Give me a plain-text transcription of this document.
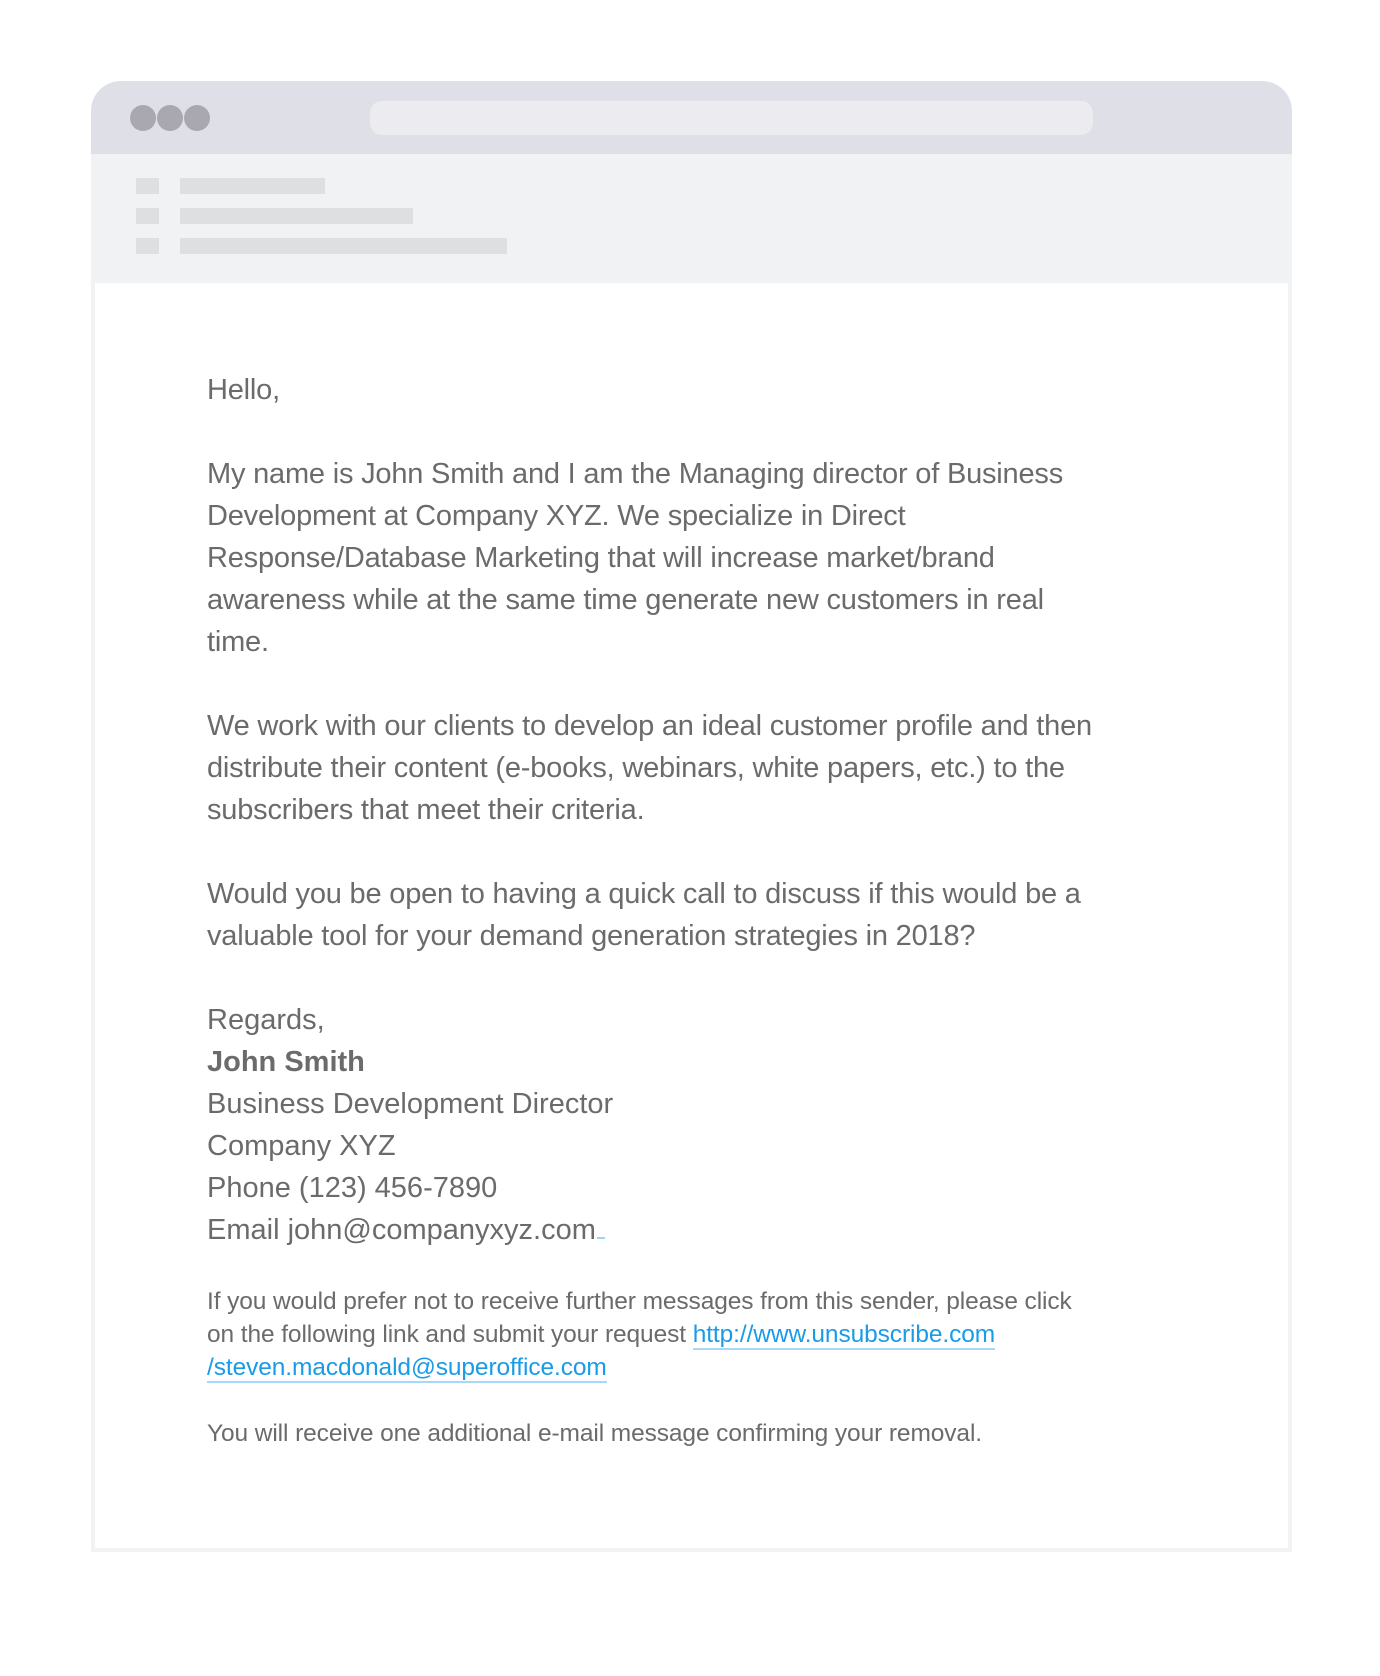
Hello,

My name is John Smith and I am the Managing director of Business
Development at Company XYZ. We specialize in Direct
Response/Database Marketing that will increase market/brand
awareness while at the same time generate new customers in real
time.

We work with our clients to develop an ideal customer profile and then
distribute their content (e-books, webinars, white papers, etc.) to the
subscribers that meet their criteria.

Would you be open to having a quick call to discuss if this would be a
valuable tool for your demand generation strategies in 2018?

Regards,
John Smith
Business Development Director
Company XYZ
Phone (123) 456-7890
Email john@companyxyz.com

If you would prefer not to receive further messages from this sender, please click
on the following link and submit your request http://www.unsubscribe.com
/steven.macdonald@superoffice.com

You will receive one additional e-mail message confirming your removal.
